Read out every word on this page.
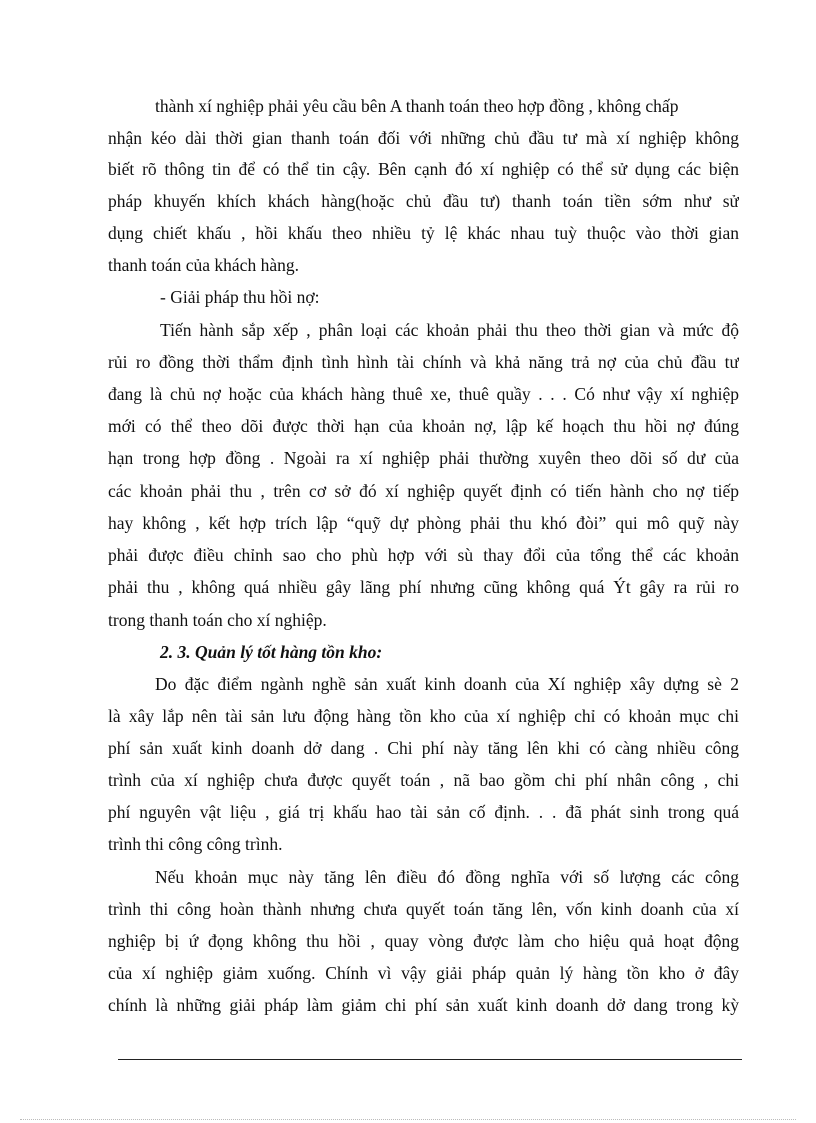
thành xí nghiệp phải yêu cầu bên A thanh toán theo hợp đồng , không chấp
nhận kéo dài thời gian thanh toán đối với những chủ đầu tư mà xí nghiệp không
biết rõ thông tin để có thể tin cậy. Bên cạnh đó xí nghiệp có thể sử dụng các biện
pháp khuyến khích khách hàng(hoặc chủ đầu tư) thanh toán tiền sớm như sử
dụng chiết khấu , hồi khấu theo nhiều tỷ lệ khác nhau tuỳ thuộc vào thời gian
thanh toán của khách hàng.
- Giải pháp thu hồi nợ:
Tiến hành sắp xếp , phân loại các khoản phải thu theo thời gian và mức độ
rủi ro đồng thời thẩm định tình hình tài chính và khả năng trả nợ của chủ đầu tư
đang là chủ nợ hoặc của khách hàng thuê xe, thuê quầy . . . Có như vậy xí nghiệp
mới có thể theo dõi được thời hạn của khoản nợ, lập kế hoạch thu hồi nợ đúng
hạn trong hợp đồng . Ngoài ra xí nghiệp phải thường xuyên theo dõi số dư của
các khoản phải thu , trên cơ sở đó xí nghiệp quyết định có tiến hành cho nợ tiếp
hay không , kết hợp trích lập “quỹ dự phòng phải thu khó đòi” qui mô quỹ này
phải được điều chỉnh sao cho phù hợp với sù thay đổi của tổng thể các khoản
phải thu , không quá nhiều gây lãng phí nhưng cũng không quá Ýt gây ra rủi ro
trong thanh toán cho xí nghiệp.
2. 3. Quản lý tốt hàng tồn kho:
Do đặc điểm ngành nghề sản xuất kinh doanh của Xí nghiệp xây dựng sè 2
là xây lắp nên tài sản lưu động hàng tồn kho của xí nghiệp chỉ có khoản mục chi
phí sản xuất kinh doanh dở dang . Chi phí này tăng lên khi có càng nhiều công
trình của xí nghiệp chưa được quyết toán , nã bao gồm chi phí nhân công , chi
phí nguyên vật liệu , giá trị khấu hao tài sản cố định. . . đã phát sinh trong quá
trình thi công công trình.
Nếu khoản mục này tăng lên điều đó đồng nghĩa với số lượng các công
trình thi công hoàn thành nhưng chưa quyết toán tăng lên, vốn kinh doanh của xí
nghiệp bị ứ đọng không thu hồi , quay vòng được làm cho hiệu quả hoạt động
của xí nghiệp giảm xuống. Chính vì vậy giải pháp quản lý hàng tồn kho ở đây
chính là những giải pháp làm giảm chi phí sản xuất kinh doanh dở dang trong kỳ
